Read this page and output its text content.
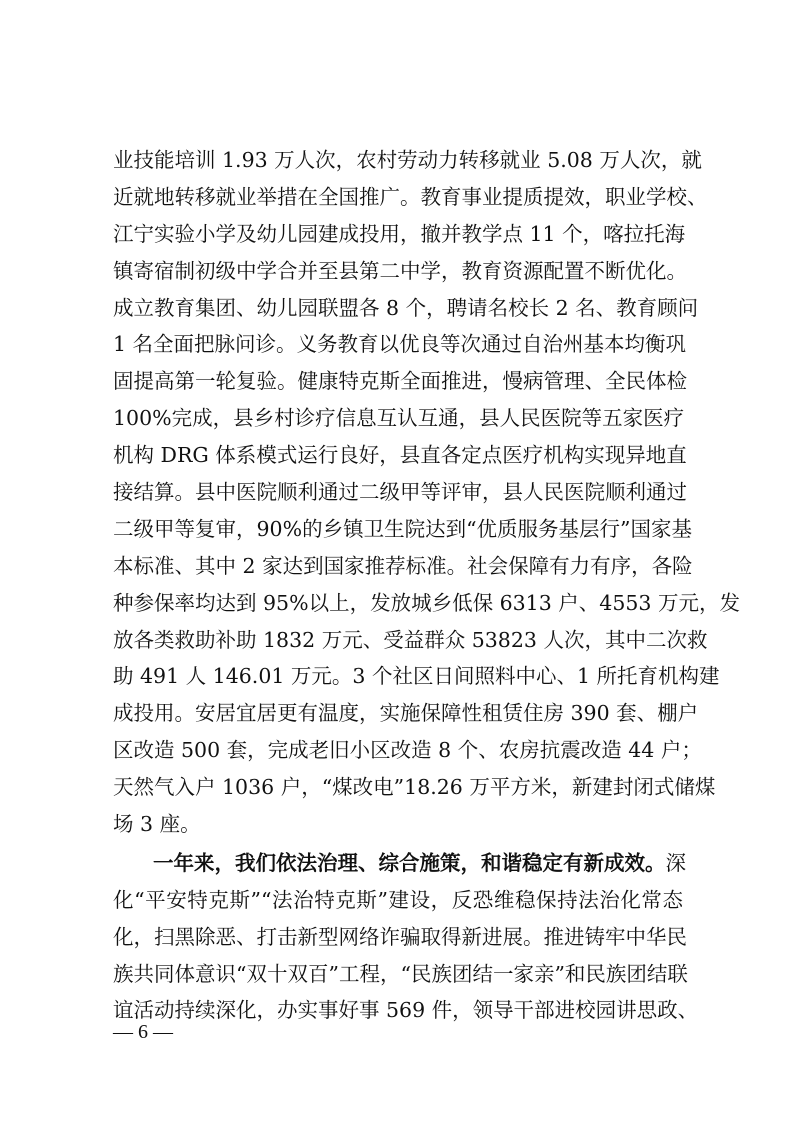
业技能培训 1.93 万人次，农村劳动力转移就业 5.08 万人次，就
近就地转移就业举措在全国推广。教育事业提质提效，职业学校、
江宁实验小学及幼儿园建成投用，撤并教学点 11 个，喀拉托海
镇寄宿制初级中学合并至县第二中学，教育资源配置不断优化。
成立教育集团、幼儿园联盟各 8 个，聘请名校长 2 名、教育顾问
1 名全面把脉问诊。义务教育以优良等次通过自治州基本均衡巩
固提高第一轮复验。健康特克斯全面推进，慢病管理、全民体检
100%完成，县乡村诊疗信息互认互通，县人民医院等五家医疗
机构 DRG 体系模式运行良好，县直各定点医疗机构实现异地直
接结算。县中医院顺利通过二级甲等评审，县人民医院顺利通过
二级甲等复审，90%的乡镇卫生院达到“优质服务基层行”国家基
本标准、其中 2 家达到国家推荐标准。社会保障有力有序，各险
种参保率均达到 95%以上，发放城乡低保 6313 户、4553 万元，发
放各类救助补助 1832 万元、受益群众 53823 人次，其中二次救
助 491 人 146.01 万元。3 个社区日间照料中心、1 所托育机构建
成投用。安居宜居更有温度，实施保障性租赁住房 390 套、棚户
区改造 500 套，完成老旧小区改造 8 个、农房抗震改造 44 户；
天然气入户 1036 户，“煤改电”18.26 万平方米，新建封闭式储煤
场 3 座。
一年来，我们依法治理、综合施策，和谐稳定有新成效。深
化“平安特克斯”“法治特克斯”建设，反恐维稳保持法治化常态
化，扫黑除恶、打击新型网络诈骗取得新进展。推进铸牢中华民
族共同体意识“双十双百”工程，“民族团结一家亲”和民族团结联
谊活动持续深化，办实事好事 569 件，领导干部进校园讲思政、
— 6 —
